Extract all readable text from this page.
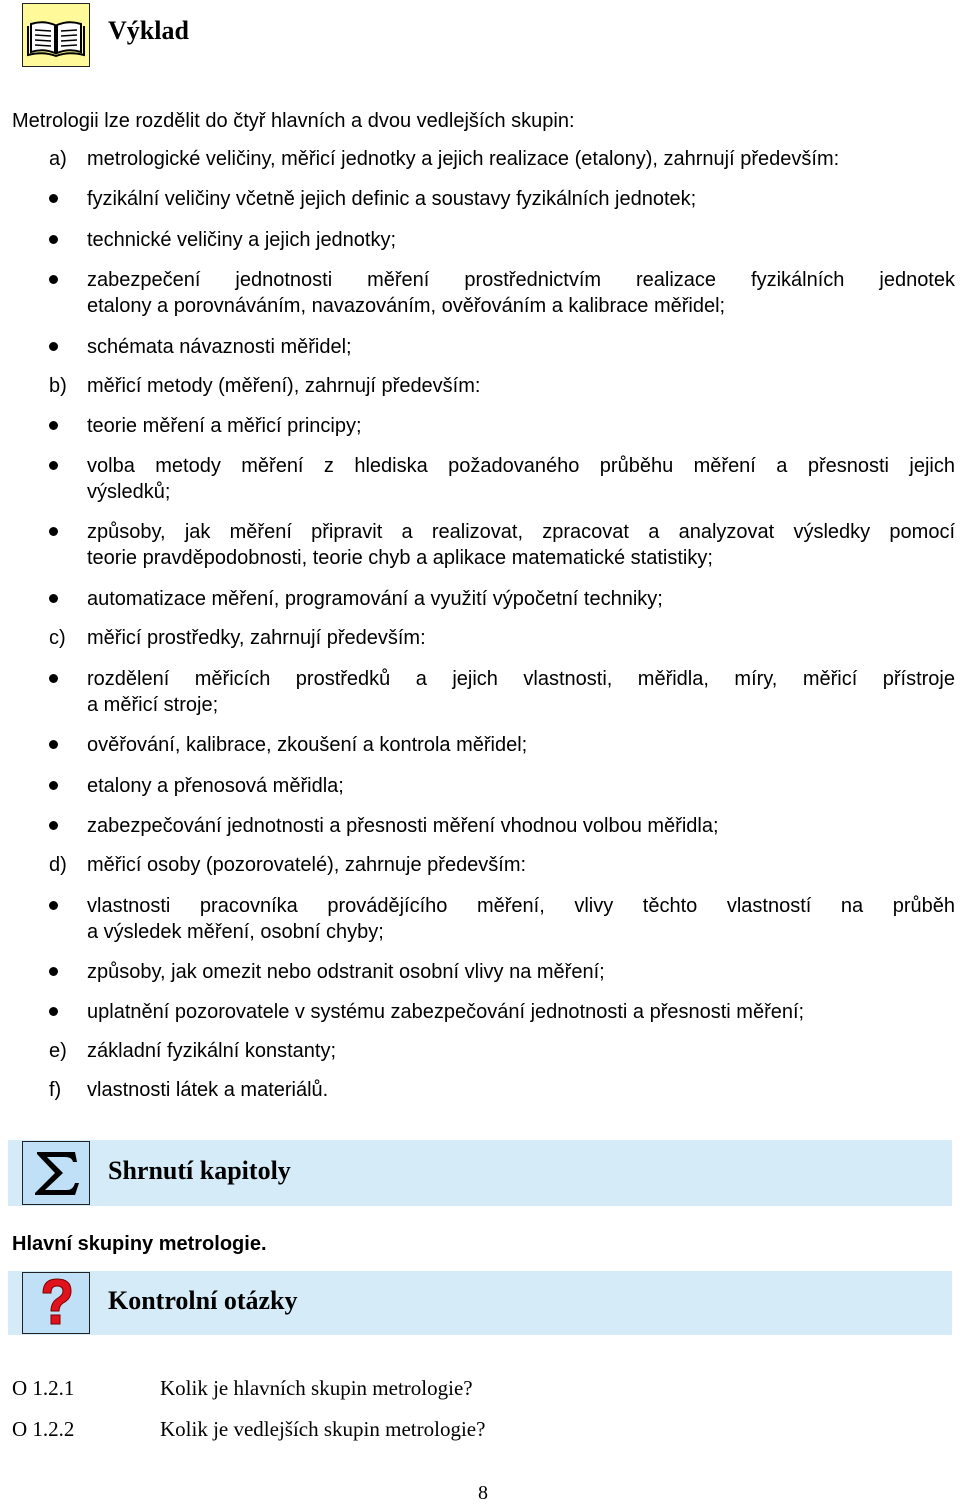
Výklad
Metrologii lze rozdělit do čtyř hlavních a dvou vedlejších skupin:
a) metrologické veličiny, měřicí jednotky a jejich realizace (etalony), zahrnují především:
fyzikální veličiny včetně jejich definic a soustavy fyzikálních jednotek;
technické veličiny a jejich jednotky;
zabezpečení jednotnosti měření prostřednictvím realizace fyzikálních jednotek
etalony a porovnáváním, navazováním, ověřováním a kalibrace měřidel;
schémata návaznosti měřidel;
b) měřicí metody (měření), zahrnují především:
teorie měření a měřicí principy;
volba metody měření z hlediska požadovaného průběhu měření a přesnosti jejich
výsledků;
způsoby, jak měření připravit a realizovat, zpracovat a analyzovat výsledky pomocí
teorie pravděpodobnosti, teorie chyb a aplikace matematické statistiky;
automatizace měření, programování a využití výpočetní techniky;
c) měřicí prostředky, zahrnují především:
rozdělení měřicích prostředků a jejich vlastnosti, měřidla, míry, měřicí přístroje
a měřicí stroje;
ověřování, kalibrace, zkoušení a kontrola měřidel;
etalony a přenosová měřidla;
zabezpečování jednotnosti a přesnosti měření vhodnou volbou měřidla;
d) měřicí osoby (pozorovatelé), zahrnuje především:
vlastnosti pracovníka provádějícího měření, vlivy těchto vlastností na průběh
a výsledek měření, osobní chyby;
způsoby, jak omezit nebo odstranit osobní vlivy na měření;
uplatnění pozorovatele v systému zabezpečování jednotnosti a přesnosti měření;
e) základní fyzikální konstanty;
f) vlastnosti látek a materiálů.
Shrnutí kapitoly
Hlavní skupiny metrologie.
Kontrolní otázky
O 1.2.1	Kolik je hlavních skupin metrologie?
O 1.2.2	Kolik je vedlejších skupin metrologie?
8
